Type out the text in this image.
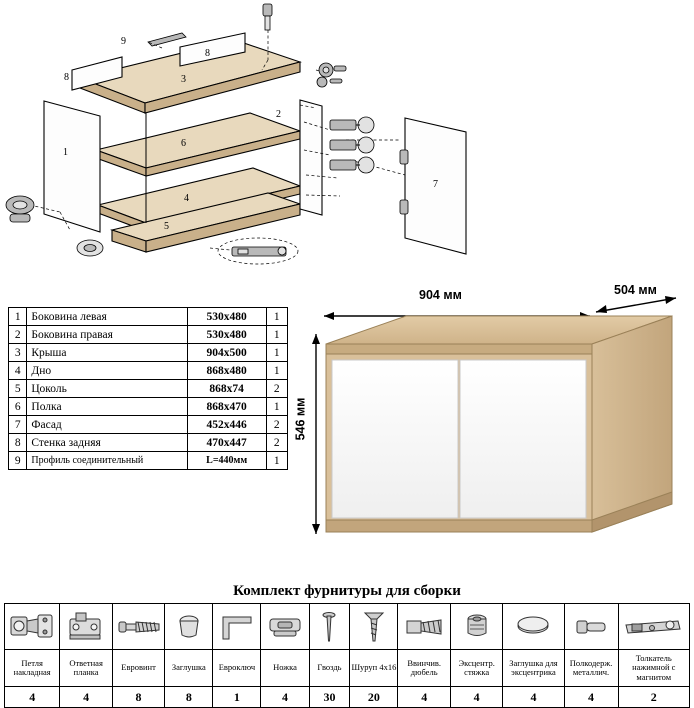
8
9
8
3
1
6
2
4
5
7
1	Боковина левая	530х480	1
2	Боковина правая	530х480	1
3	Крыша	904х500	1
4	Дно	868х480	1
5	Цоколь	868х74	2
6	Полка	868х470	1
7	Фасад	452х446	2
8	Стенка задняя	470х447	2
9	Профиль соединительный	L=440мм	1
904 мм	504 мм
546 мм
Комплект фурнитуры для сборки

Петля накладная	Ответная планка	Евровинт	Заглушка	Евроключ	Ножка	Гвоздь	Шуруп 4х16	Ввинчив. дюбель	Эксцентр. стяжка	Заглушка для эксцентрика	Полкодерж. металлич.	Толкатель нажимной с магнитом
4	4	8	8	1	4	30	20	4	4	4	4	2
